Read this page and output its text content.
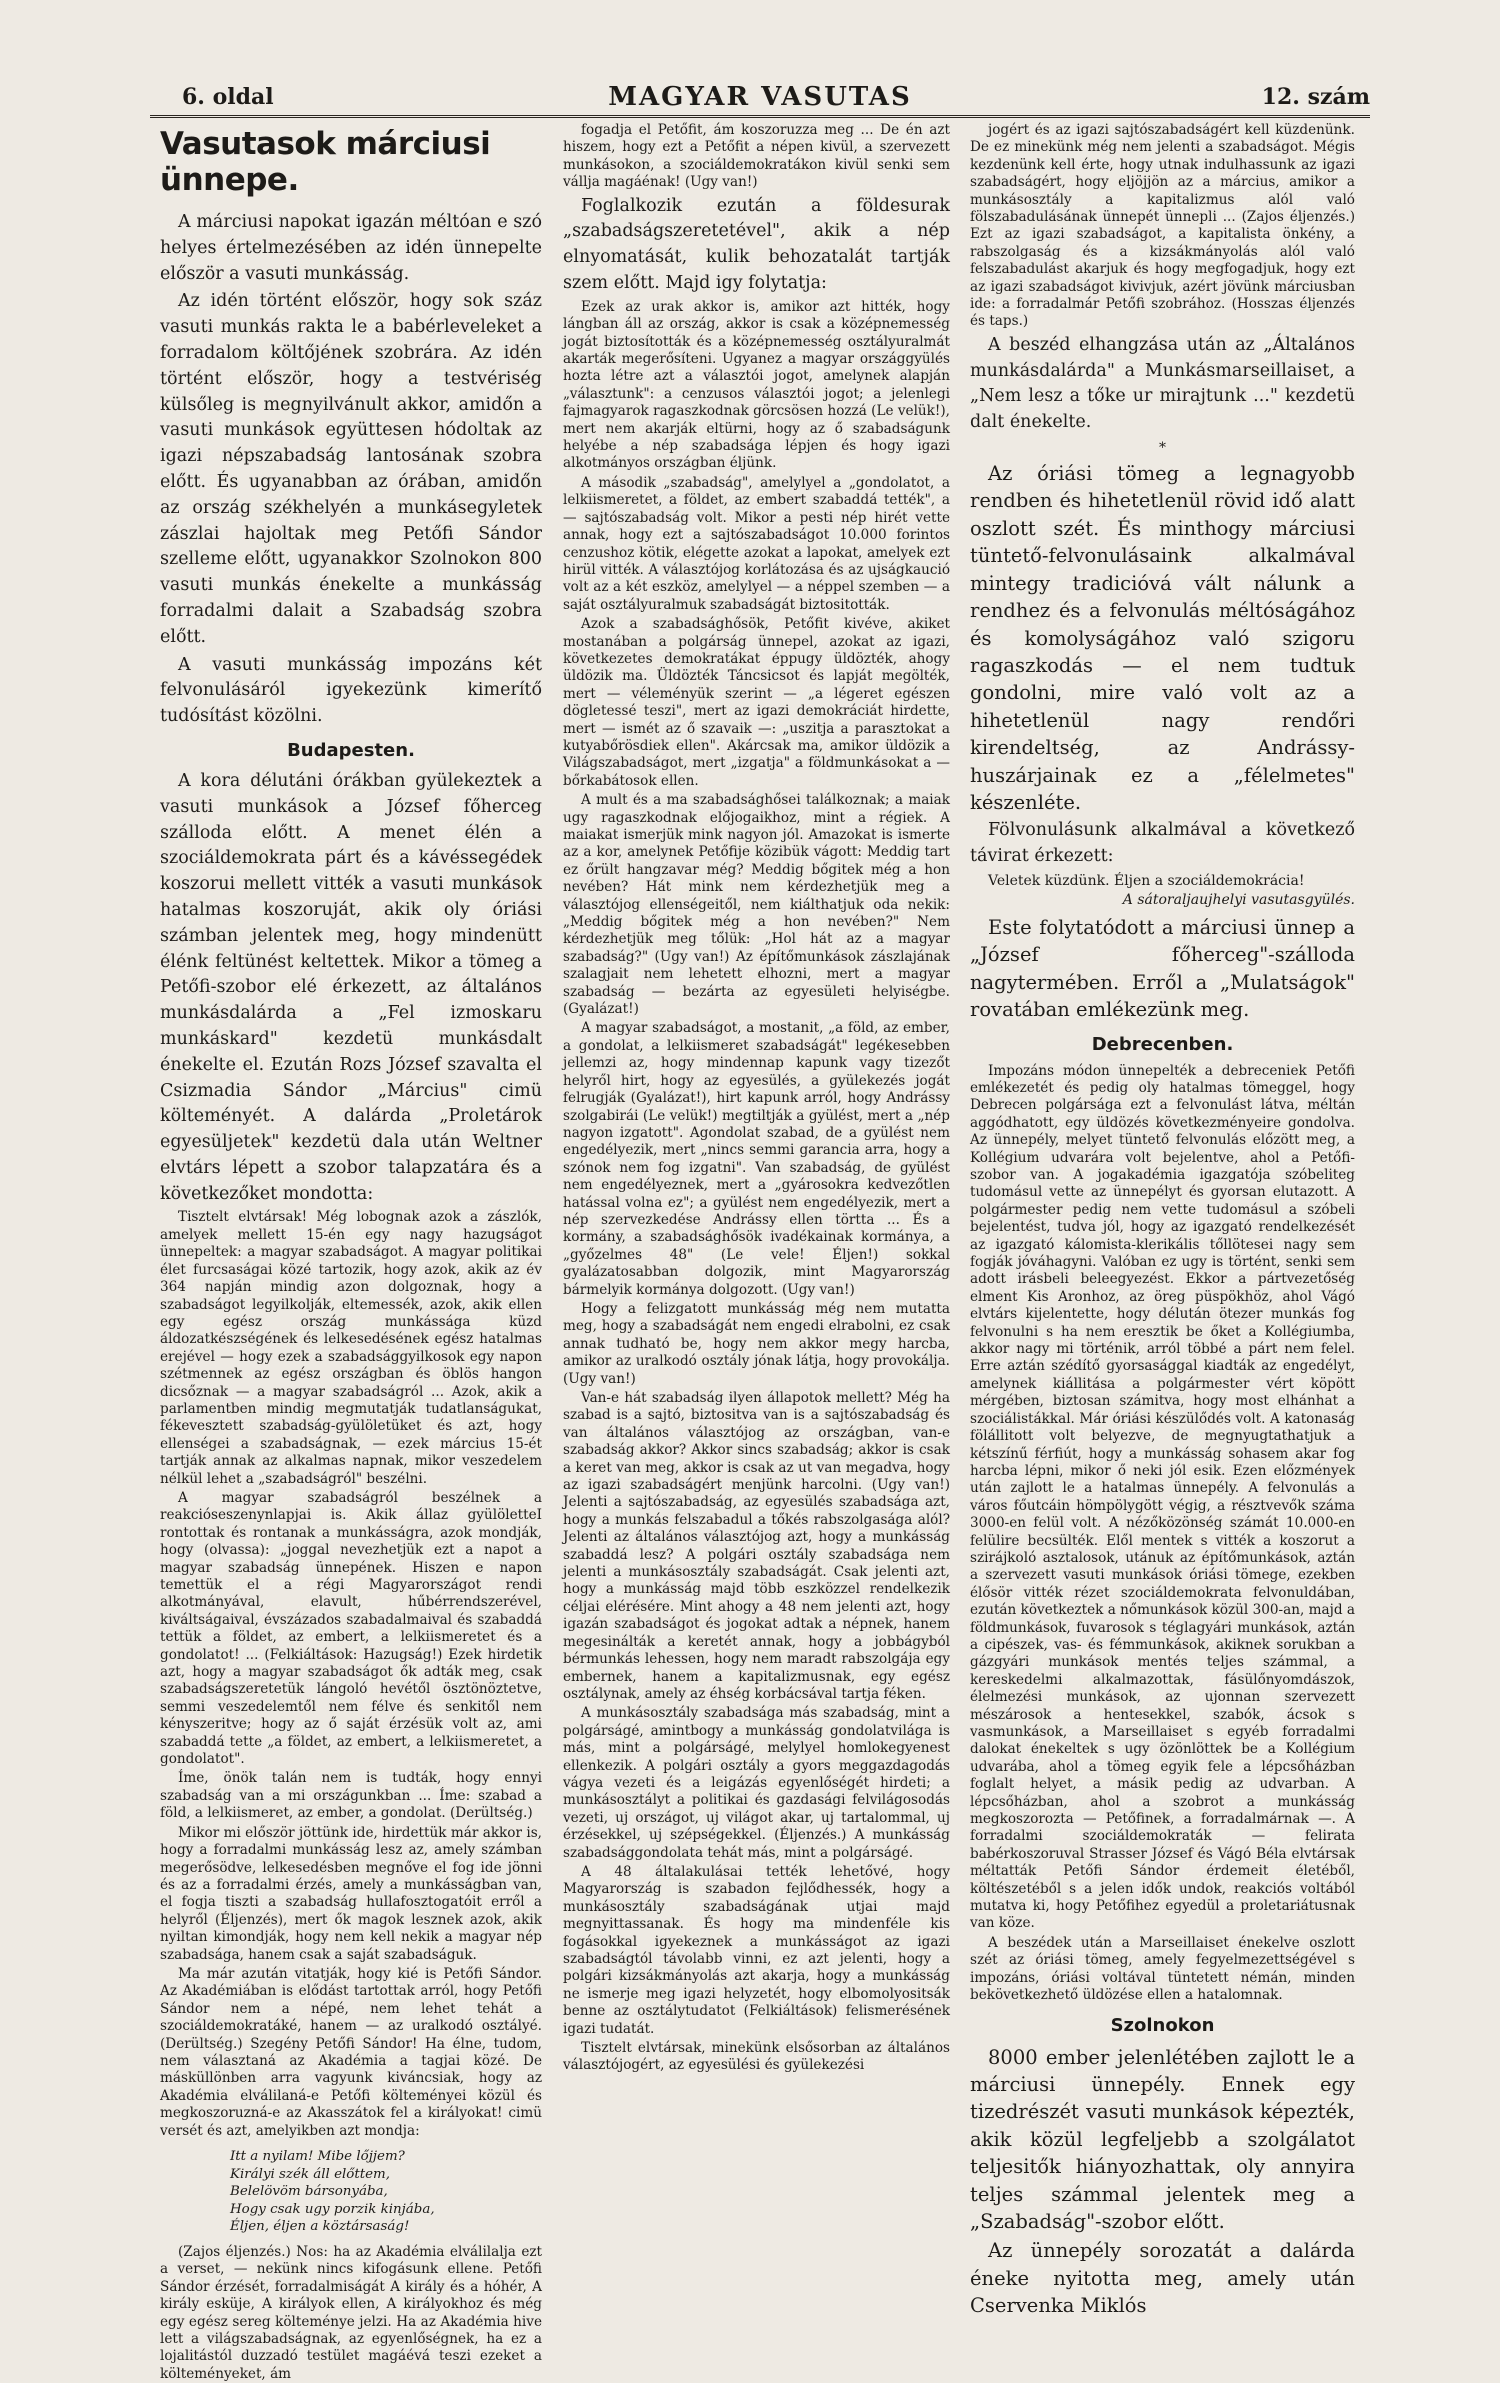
6. oldal	MAGYAR VASUTAS	12. szám
Vasutasok márciusi ünnepe.

A márciusi napokat igazán méltóan e szó helyes értelmezésében az idén ünnepelte először a vasuti munkásság.

Az idén történt először, hogy sok száz vasuti munkás rakta le a babérleveleket a forradalom költőjének szobrára. Az idén történt először, hogy a testvériség külsőleg is megnyilvánult akkor, amidőn a vasuti munkások együttesen hódoltak az igazi népszabadság lantosának szobra előtt. És ugyanabban az órában, amidőn az ország székhelyén a munkásegyletek zászlai hajoltak meg Petőfi Sándor szelleme előtt, ugyanakkor Szolnokon 800 vasuti munkás énekelte a munkásság forradalmi dalait a Szabadság szobra előtt.

A vasuti munkásság impozáns két felvonulásáról igyekezünk kimerítő tudósítást közölni.

Budapesten.

A kora délutáni órákban gyülekeztek a vasuti munkások a József főherceg szálloda előtt. A menet élén a szociáldemokrata párt és a kávéssegédek koszorui mellett vitték a vasuti munkások hatalmas koszoruját, akik oly óriási számban jelentek meg, hogy mindenütt élénk feltünést keltettek. Mikor a tömeg a Petőfi-szobor elé érkezett, az általános munkásdalárda a „Fel izmoskaru munkáskard" kezdetü munkásdalt énekelte el. Ezután Rozs József szavalta el Csizmadia Sándor „Március" cimü költeményét. A dalárda „Proletárok egyesüljetek" kezdetü dala után Weltner elvtárs lépett a szobor talapzatára és a következőket mondotta:

Tisztelt elvtársak! Még lobognak azok a zászlók, amelyek mellett 15-én egy nagy hazugságot ünnepeltek: a magyar szabadságot. A magyar politikai élet furcsaságai közé tartozik, hogy azok, akik az év 364 napján mindig azon dolgoznak, hogy a szabadságot legyilkolják, eltemessék, azok, akik ellen egy egész ország munkássága küzd áldozatkészségének és lelkesedésének egész hatalmas erejével — hogy ezek a szabadsággyilkosok egy napon szétmennek az egész országban és öblös hangon dicsőznak — a magyar szabadságról ... Azok, akik a parlamentben mindig megmutatják tudatlanságukat, fékevesztett szabadság-gyülöletüket és azt, hogy ellenségei a szabadságnak, — ezek március 15-ét tartják annak az alkalmas napnak, mikor veszedelem nélkül lehet a „szabadságról" beszélni.

A magyar szabadságról beszélnek a reakcióseszenynlapjai is. Akik állaz gyülöletteI rontottak és rontanak a munkásságra, azok mondják, hogy (olvassa): „joggal nevezhetjük ezt a napot a magyar szabadság ünnepének. Hiszen e napon temettük el a régi Magyarországot rendi alkotmányával, elavult, hűbérrendszerével, kiváltságaival, évszázados szabadalmaival és szabaddá tettük a földet, az embert, a lelkiismeretet és a gondolatot! ... (Felkiáltások: Hazugság!) Ezek hirdetik azt, hogy a magyar szabadságot ők adták meg, csak szabadságszeretetük lángoló hevétől ösztönöztetve, semmi veszedelemtől nem félve és senkitől nem kényszeritve; hogy az ő saját érzésük volt az, ami szabaddá tette „a földet, az embert, a lelkiismeretet, a gondolatot".

Íme, önök talán nem is tudták, hogy ennyi szabadság van a mi országunkban ... Íme: szabad a föld, a lelkiismeret, az ember, a gondolat. (Derültség.)

Mikor mi először jöttünk ide, hirdettük már akkor is, hogy a forradalmi munkásság lesz az, amely számban megerősödve, lelkesedésben megnőve el fog ide jönni és az a forradalmi érzés, amely a munkásságban van, el fogja tiszti a szabadság hullafosztogatóit erről a helyről (Éljenzés), mert ők magok lesznek azok, akik nyiltan kimondják, hogy nem kell nekik a magyar nép szabadsága, hanem csak a saját szabadságuk.

Ma már azután vitatják, hogy kié is Petőfi Sándor. Az Akadémiában is elődást tartottak arról, hogy Petőfi Sándor nem a népé, nem lehet tehát a szociáldemokratáké, hanem — az uralkodó osztályé. (Derültség.) Szegény Petőfi Sándor! Ha élne, tudom, nem választaná az Akadémia a tagjai közé. De másküllönben arra vagyunk kiváncsiak, hogy az Akadémia elválilaná-e Petőfi költeményei közül és megkoszoruzná-e az Akasszátok fel a királyokat! cimü versét és azt, amelyikben azt mondja:

Itt a nyilam! Mibe lőjjem?
Királyi szék áll előttem,
Belelövöm bársonyába,
Hogy csak ugy porzik kinjába,
Éljen, éljen a köztársaság!

(Zajos éljenzés.) Nos: ha az Akadémia elválilalja ezt a verset, — nekünk nincs kifogásunk ellene. Petőfi Sándor érzését, forradalmiságát A király és a hóhér, A király esküje, A királyok ellen, A királyokhoz és még egy egész sereg költeménye jelzi. Ha az Akadémia hive lett a világszabadságnak, az egyenlőségnek, ha ez a lojalitástól duzzadó testület magáévá teszi ezeket a költeményeket, ám

fogadja el Petőfit, ám koszoruzza meg ... De én azt hiszem, hogy ezt a Petőfit a népen kivül, a szervezett munkásokon, a szociáldemokratákon kivül senki sem vállja magáénak! (Ugy van!)

Foglalkozik ezután a földesurak „szabadságszeretetével", akik a nép elnyomatását, kulik behozatalát tartják szem előtt. Majd igy folytatja:

Ezek az urak akkor is, amikor azt hitték, hogy lángban áll az ország, akkor is csak a középnemesség jogát biztosították és a középnemesség osztályuralmát akarták megerősíteni. Ugyanez a magyar országgyülés hozta létre azt a választói jogot, amelynek alapján „választunk": a cenzusos választói jogot; a jelenlegi fajmagyarok ragaszkodnak görcsösen hozzá (Le velük!), mert nem akarják eltürni, hogy az ő szabadságunk helyébe a nép szabadsága lépjen és hogy igazi alkotmányos országban éljünk.

A második „szabadság", amelylyel a „gondolatot, a lelkiismeretet, a földet, az embert szabaddá tették", a — sajtószabadság volt. Mikor a pesti nép hirét vette annak, hogy ezt a sajtószabadságot 10.000 forintos cenzushoz kötik, elégette azokat a lapokat, amelyek ezt hirül vitték. A választójog korlátozása és az ujságkaució volt az a két eszköz, amelylyel — a néppel szemben — a saját osztályuralmuk szabadságát biztositották.

Azok a szabadsághősök, Petőfit kivéve, akiket mostanában a polgárság ünnepel, azokat az igazi, következetes demokratákat éppugy üldözték, ahogy üldözik ma. Üldözték Táncsicsot és lapját megölték, mert — véleményük szerint — „a légeret egészen dögletessé teszi", mert az igazi demokráciát hirdette, mert — ismét az ő szavaik —: „uszitja a parasztokat a kutyabőrösdiek ellen". Akárcsak ma, amikor üldözik a Világszabadságot, mert „izgatja" a földmunkásokat a — bőrkabátosok ellen.

A mult és a ma szabadsághősei találkoznak; a maiak ugy ragaszkodnak előjogaikhoz, mint a régiek. A maiakat ismerjük mink nagyon jól. Amazokat is ismerte az a kor, amelynek Petőfije közibük vágott: Meddig tart ez őrült hangzavar még? Meddig bőgitek még a hon nevében? Hát mink nem kérdezhetjük meg a választójog ellenségeitől, nem kiálthatjuk oda nekik: „Meddig bőgitek még a hon nevében?" Nem kérdezhetjük meg tőlük: „Hol hát az a magyar szabadság?" (Ugy van!) Az építőmunkások zászlajának szalagjait nem lehetett elhozni, mert a magyar szabadság — bezárta az egyesületi helyiségbe. (Gyalázat!)

A magyar szabadságot, a mostanit, „a föld, az ember, a gondolat, a lelkiismeret szabadságát" legékesebben jellemzi az, hogy mindennap kapunk vagy tizezőt helyről hirt, hogy az egyesülés, a gyülekezés jogát felrugják (Gyalázat!), hirt kapunk arról, hogy Andrássy szolgabirái (Le velük!) megtiltják a gyülést, mert a „nép nagyon izgatott". Agondolat szabad, de a gyülést nem engedélyezik, mert „nincs semmi garancia arra, hogy a szónok nem fog izgatni". Van szabadság, de gyülést nem engedélyeznek, mert a „gyárosokra kedvezőtlen hatással volna ez"; a gyülést nem engedélyezik, mert a nép szervezkedése Andrássy ellen törtta ... És a kormány, a szabadsághősök ivadékainak kormánya, a „győzelmes 48" (Le vele! Éljen!) sokkal gyalázatosabban dolgozik, mint Magyarország bármelyik kormánya dolgozott. (Ugy van!)

Hogy a felizgatott munkásság még nem mutatta meg, hogy a szabadságát nem engedi elrabolni, ez csak annak tudható be, hogy nem akkor megy harcba, amikor az uralkodó osztály jónak látja, hogy provokálja. (Ugy van!)

Van-e hát szabadság ilyen állapotok mellett? Még ha szabad is a sajtó, biztositva van is a sajtószabadság és van általános választójog az országban, van-e szabadság akkor? Akkor sincs szabadság; akkor is csak a keret van meg, akkor is csak az ut van megadva, hogy az igazi szabadságért menjünk harcolni. (Ugy van!) Jelenti a sajtószabadság, az egyesülés szabadsága azt, hogy a munkás felszabadul a tőkés rabszolgasága alól? Jelenti az általános választójog azt, hogy a munkásság szabaddá lesz? A polgári osztály szabadsága nem jelenti a munkásosztály szabadságát. Csak jelenti azt, hogy a munkásság majd több eszközzel rendelkezik céljai elérésére. Mint ahogy a 48 nem jelenti azt, hogy igazán szabadságot és jogokat adtak a népnek, hanem megesinálták a keretét annak, hogy a jobbágyból bérmunkás lehessen, hogy nem maradt rabszolgája egy embernek, hanem a kapitalizmusnak, egy egész osztálynak, amely az éhség korbácsával tartja féken.

A munkásosztály szabadsága más szabadság, mint a polgárságé, amintbogy a munkásság gondolatvilága is más, mint a polgárságé, melylyel homlokegyenest ellenkezik. A polgári osztály a gyors meggazdagodás vágya vezeti és a leigázás egyenlőségét hirdeti; a munkásosztályt a politikai és gazdasági felvilágosodás vezeti, uj országot, uj világot akar, uj tartalommal, uj érzésekkel, uj szépségekkel. (Éljenzés.) A munkásság szabadsággondolata tehát más, mint a polgárságé.

A 48 általakulásai tették lehetővé, hogy Magyarország is szabadon fejlődhessék, hogy a munkásosztály szabadságának utjai majd megnyittassanak. És hogy ma mindenféle kis fogásokkal igyekeznek a munkásságot az igazi szabadságtól távolabb vinni, ez azt jelenti, hogy a polgári kizsákmányolás azt akarja, hogy a munkásság ne ismerje meg igazi helyzetét, hogy elbomolyositsák benne az osztálytudatot (Felkiáltások) felismerésének igazi tudatát.

Tisztelt elvtársak, minekünk elsősorban az általános választójogért, az egyesülési és gyülekezési

jogért és az igazi sajtószabadságért kell küzdenünk. De ez minekünk még nem jelenti a szabadságot. Mégis kezdenünk kell érte, hogy utnak indulhassunk az igazi szabadságért, hogy eljöjjön az a március, amikor a munkásosztály a kapitalizmus alól való fölszabadulásának ünnepét ünnepli ... (Zajos éljenzés.) Ezt az igazi szabadságot, a kapitalista önkény, a rabszolgaság és a kizsákmányolás alól való felszabadulást akarjuk és hogy megfogadjuk, hogy ezt az igazi szabadságot kivivjuk, azért jövünk márciusban ide: a forradalmár Petőfi szobrához. (Hosszas éljenzés és taps.)

A beszéd elhangzása után az „Általános munkásdalárda" a Munkásmarseillaiset, a „Nem lesz a tőke ur mirajtunk ..." kezdetü dalt énekelte.

*

Az óriási tömeg a legnagyobb rendben és hihetetlenül rövid idő alatt oszlott szét. És minthogy márciusi tüntető-felvonulásaink alkalmával mintegy tradicióvá vált nálunk a rendhez és a felvonulás méltóságához és komolyságához való szigoru ragaszkodás — el nem tudtuk gondolni, mire való volt az a hihetetlenül nagy rendőri kirendeltség, az Andrássy-huszárjainak ez a „félelmetes" készenléte.

Fölvonulásunk alkalmával a következő távirat érkezett:

Veletek küzdünk. Éljen a szociáldemokrácia!
A sátoraljaujhelyi vasutasgyülés.

Este folytatódott a márciusi ünnep a „József főherceg"-szálloda nagytermében. Erről a „Mulatságok" rovatában emlékezünk meg.

Debrecenben.

Impozáns módon ünnepelték a debreceniek Petőfi emlékezetét és pedig oly hatalmas tömeggel, hogy Debrecen polgársága ezt a felvonulást látva, méltán aggódhatott, egy üldözés következményeire gondolva. Az ünnepély, melyet tüntető felvonulás előzött meg, a Kollégium udvarára volt bejelentve, ahol a Petőfi-szobor van. A jogakadémia igazgatója szóbeliteg tudomásul vette az ünnepélyt és gyorsan elutazott. A polgármester pedig nem vette tudomásul a szóbeli bejelentést, tudva jól, hogy az igazgató rendelkezését az igazgató kálomista-klerikális tőllötesei nagy sem fogják jóváhagyni. Valóban ez ugy is történt, senki sem adott irásbeli beleegyezést. Ekkor a pártvezetőség elment Kis Aronhoz, az öreg püspökhöz, ahol Vágó elvtárs kijelentette, hogy délután ötezer munkás fog felvonulni s ha nem eresztik be őket a Kollégiumba, akkor nagy mi történik, arról többé a párt nem felel. Erre aztán szédítő gyorsasággal kiadták az engedélyt, amelynek kiállitása a polgármester vért köpött mérgében, biztosan számitva, hogy most elhánhat a szociálistákkal. Már óriási készülődés volt. A katonaság fölállitott volt belyezve, de megnyugtathatjuk a kétszínű férfiút, hogy a munkásság sohasem akar fog harcba lépni, mikor ő neki jól esik. Ezen előzmények után zajlott le a hatalmas ünnepély. A felvonulás a város főutcáin hömpölygött végig, a résztvevők száma 3000-en felül volt. A nézőközönség számát 10.000-en felülire becsülték. Elől mentek s vitték a koszorut a szirájkoló asztalosok, utánuk az építőmunkások, aztán a szervezett vasuti munkások óriási tömege, ezekben élősör vitték rézet szociáldemokrata felvonuldában, ezután következtek a nőmunkások közül 300-an, majd a földmunkások, fuvarosok s téglagyári munkások, aztán a cipészek, vas- és fémmunkások, akiknek sorukban a gázgyári munkások mentés teljes számmal, a kereskedelmi alkalmazottak, fásülőnyomdászok, élelmezési munkások, az ujonnan szervezett mészárosok a hentesekkel, szabók, ácsok s vasmunkások, a Marseillaiset s egyéb forradalmi dalokat énekeltek s ugy özönlöttek be a Kollégium udvarába, ahol a tömeg egyik fele a lépcsőházban foglalt helyet, a másik pedig az udvarban. A lépcsőházban, ahol a szobrot a munkásság megkoszorozta — Petőfinek, a forradalmárnak —. A forradalmi szociáldemokraták — felirata babérkoszoruval Strasser József és Vágó Béla elvtársak méltatták Petőfi Sándor érdemeit életéből, költészetéből s a jelen idők undok, reakciós voltából mutatva ki, hogy Petőfihez egyedül a proletariátusnak van köze.

A beszédek után a Marseillaiset énekelve oszlott szét az óriási tömeg, amely fegyelmezettségével s impozáns, óriási voltával tüntetett némán, minden bekövetkezhető üldözése ellen a hatalomnak.

Szolnokon

8000 ember jelenlétében zajlott le a márciusi ünnepély. Ennek egy tizedrészét vasuti munkások képezték, akik közül legfeljebb a szolgálatot teljesitők hiányozhattak, oly annyira teljes számmal jelentek meg a „Szabadság"-szobor előtt.

Az ünnepély sorozatát a dalárda éneke nyitotta meg, amely után Cservenka Miklós
